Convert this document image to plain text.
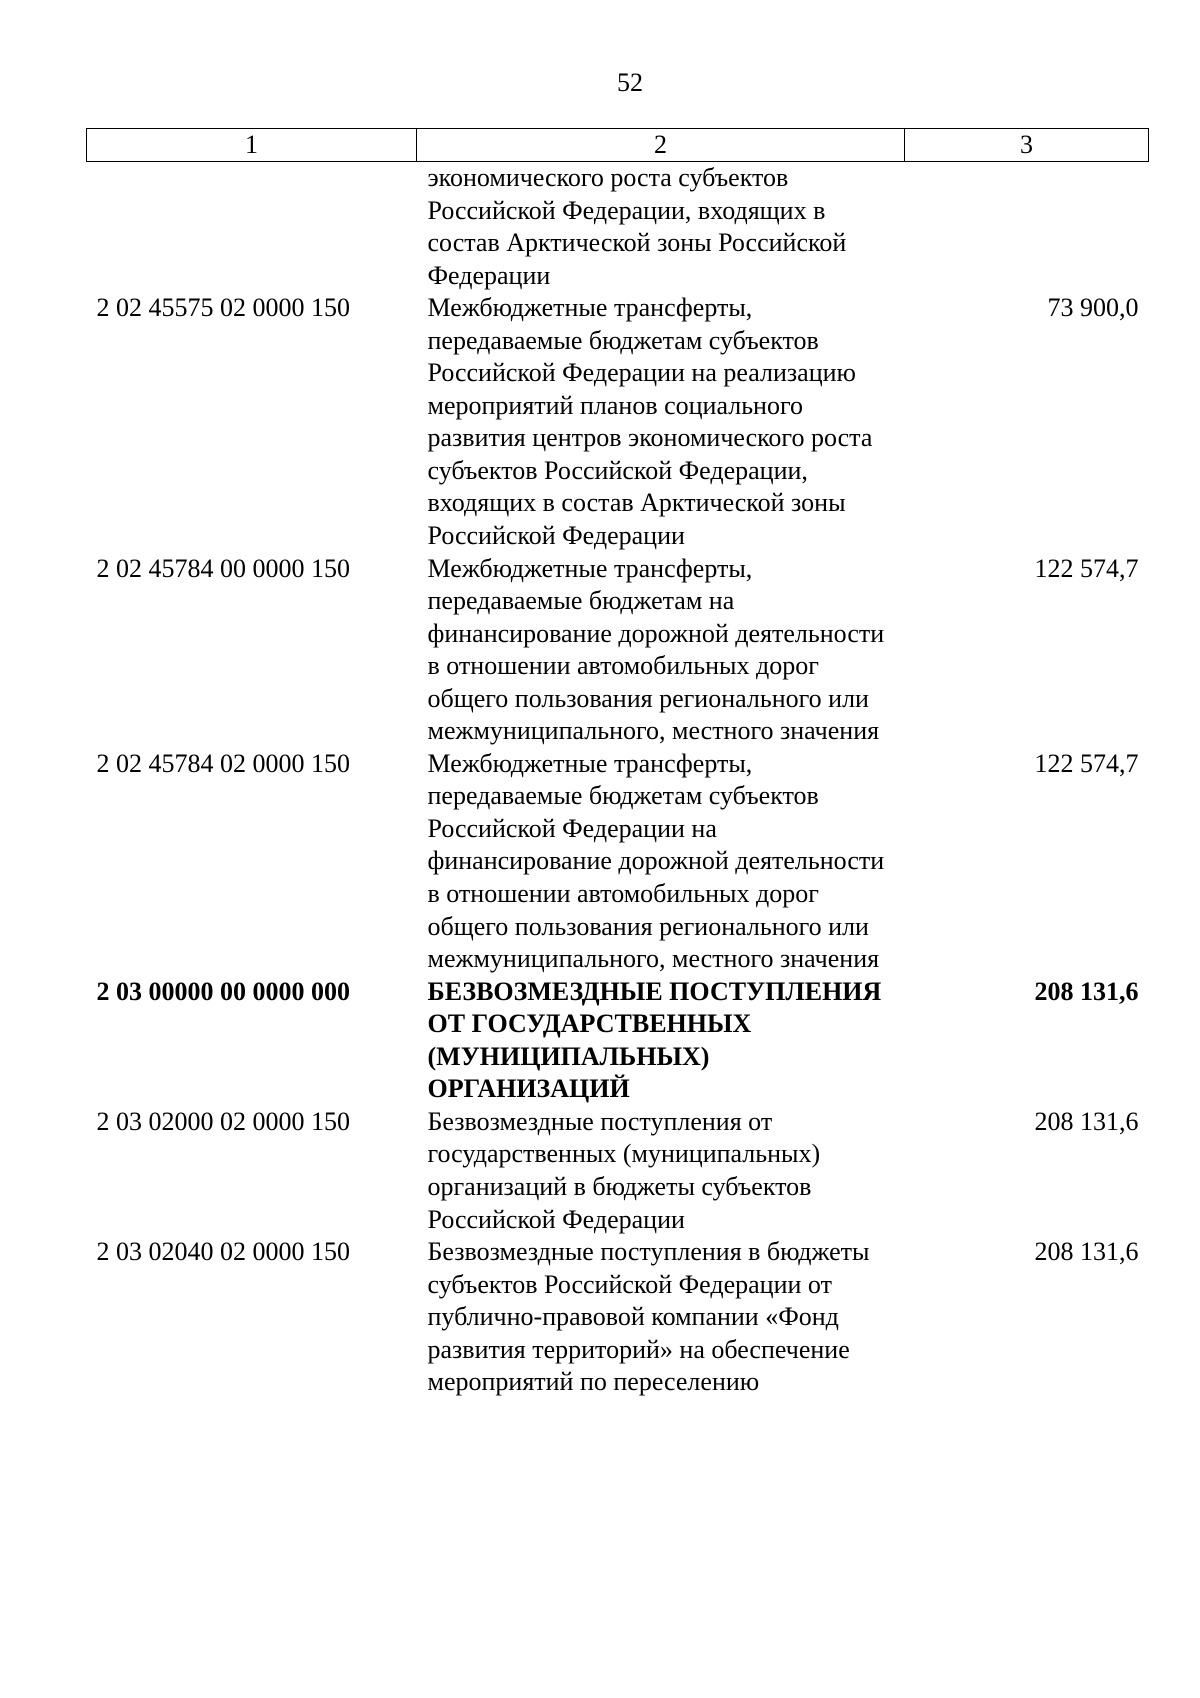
52
1	2	3
	экономического роста субъектов Российской Федерации, входящих в состав Арктической зоны Российской Федерации	
2 02 45575 02 0000 150	Межбюджетные трансферты, передаваемые бюджетам субъектов Российской Федерации на реализацию мероприятий планов социального развития центров экономического роста субъектов Российской Федерации, входящих в состав Арктической зоны Российской Федерации	73 900,0
2 02 45784 00 0000 150	Межбюджетные трансферты, передаваемые бюджетам на финансирование дорожной деятельности в отношении автомобильных дорог общего пользования регионального или межмуниципального, местного значения	122 574,7
2 02 45784 02 0000 150	Межбюджетные трансферты, передаваемые бюджетам субъектов Российской Федерации на финансирование дорожной деятельности в отношении автомобильных дорог общего пользования регионального или межмуниципального, местного значения	122 574,7
2 03 00000 00 0000 000	БЕЗВОЗМЕЗДНЫЕ ПОСТУПЛЕНИЯ ОТ ГОСУДАРСТВЕННЫХ (МУНИЦИПАЛЬНЫХ) ОРГАНИЗАЦИЙ	208 131,6
2 03 02000 02 0000 150	Безвозмездные поступления от государственных (муниципальных) организаций в бюджеты субъектов Российской Федерации	208 131,6
2 03 02040 02 0000 150	Безвозмездные поступления в бюджеты субъектов Российской Федерации от публично-правовой компании «Фонд развития территорий» на обеспечение мероприятий по переселению	208 131,6
